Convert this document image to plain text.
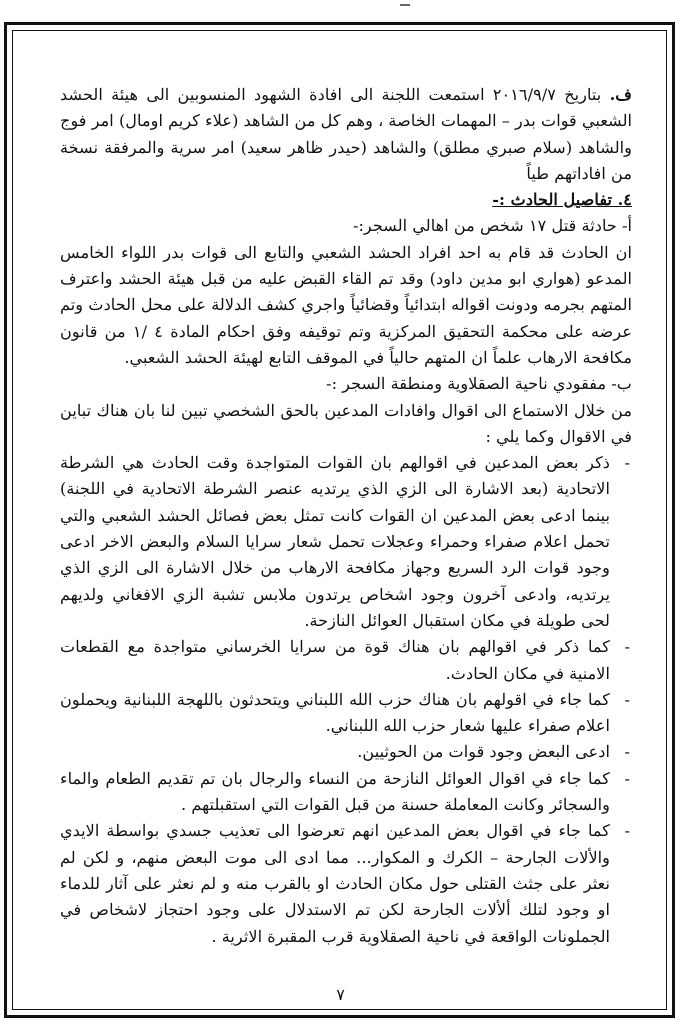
ف. بتاريخ ٢٠١٦/٩/٧ استمعت اللجنة الى افادة الشهود المنسوبين الى هيئة الحشد الشعبي قوات بدر – المهمات الخاصة ، وهم كل من الشاهد (علاء كريم اومال) امر فوج والشاهد (سلام صبري مطلق) والشاهد (حيدر ظاهر سعيد) امر سرية والمرفقة نسخة من افاداتهم طياً

٤. تفاصيل الحادث :-

أ- حادثة قتل ١٧ شخص من اهالي السجر:-

ان الحادث قد قام به احد افراد الحشد الشعبي والتابع الى قوات بدر اللواء الخامس المدعو (هواري ابو مدين داود) وقد تم القاء القبض عليه من قبل هيئة الحشد واعترف المتهم بجرمه ودونت اقواله ابتدائياً وقضائياً واجري كشف الدلالة على محل الحادث وتم عرضه على محكمة التحقيق المركزية وتم توقيفه وفق احكام المادة ٤ /١ من قانون مكافحة الارهاب علماً ان المتهم حالياً في الموقف التابع لهيئة الحشد الشعبي.

ب- مفقودي ناحية الصقلاوية ومنطقة السجر :-

من خلال الاستماع الى اقوال وافادات المدعين بالحق الشخصي تبين لنا بان هناك تباين في الاقوال وكما يلي :

- ذكر بعض المدعين في اقوالهم بان القوات المتواجدة وقت الحادث هي الشرطة الاتحادية (بعد الاشارة الى الزي الذي يرتديه عنصر الشرطة الاتحادية في اللجنة) بينما ادعى بعض المدعين ان القوات كانت تمثل بعض فصائل الحشد الشعبي والتي تحمل اعلام صفراء وحمراء وعجلات تحمل شعار سرايا السلام والبعض الاخر ادعى وجود قوات الرد السريع وجهاز مكافحة الارهاب من خلال الاشارة الى الزي الذي يرتديه، وادعى آخرون وجود اشخاص يرتدون ملابس تشبة الزي الافغاني ولديهم لحى طويلة في مكان استقبال العوائل النازحة.
- كما ذكر في اقوالهم بان هناك قوة من سرايا الخرساني متواجدة مع القطعات الامنية في مكان الحادث.
- كما جاء في اقولهم بان هناك حزب الله اللبناني ويتحدثون باللهجة اللبنانية ويحملون اعلام صفراء عليها شعار حزب الله اللبناني.
- ادعى البعض وجود قوات من الحوثيين.
- كما جاء في اقوال العوائل النازحة من النساء والرجال بان تم تقديم الطعام والماء والسجائر وكانت المعاملة حسنة من قبل القوات التي استقبلتهم .
- كما جاء في اقوال بعض المدعين انهم تعرضوا الى تعذيب جسدي بواسطة الايدي والألات الجارحة – الكرك و المكوار... مما ادى الى موت البعض منهم، و لكن لم نعثر على جثث القتلى حول مكان الحادث او بالقرب منه و لم نعثر على آثار للدماء او وجود لتلك ألألات الجارحة لكن تم الاستدلال على وجود احتجاز لاشخاص في الجملونات الواقعة في ناحية الصقلاوية قرب المقبرة الاثرية .
٧
